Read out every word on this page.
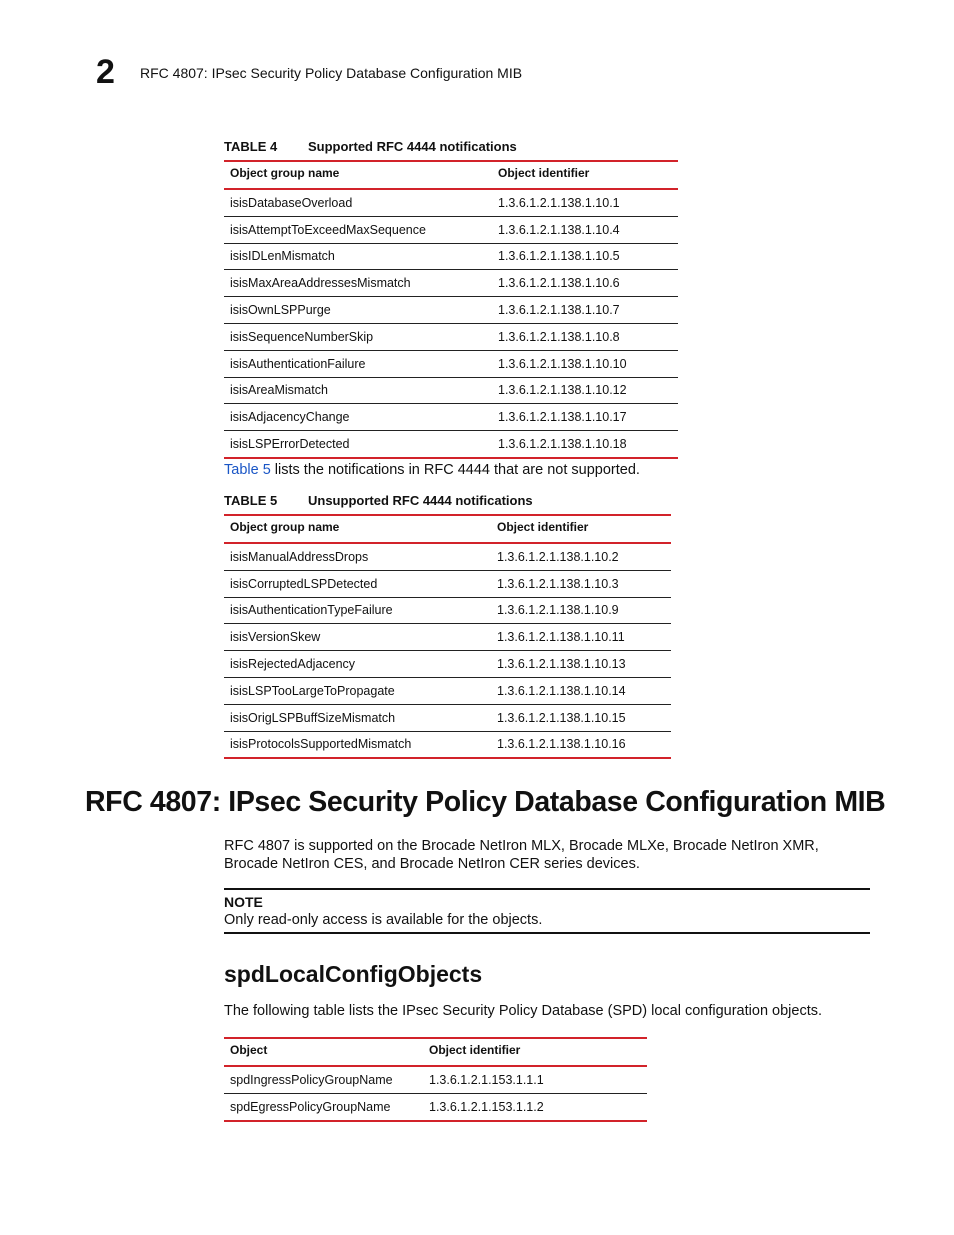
2 RFC 4807: IPsec Security Policy Database Configuration MIB
TABLE 4 Supported RFC 4444 notifications
Object group name	Object identifier
isisDatabaseOverload	1.3.6.1.2.1.138.1.10.1
isisAttemptToExceedMaxSequence	1.3.6.1.2.1.138.1.10.4
isisIDLenMismatch	1.3.6.1.2.1.138.1.10.5
isisMaxAreaAddressesMismatch	1.3.6.1.2.1.138.1.10.6
isisOwnLSPPurge	1.3.6.1.2.1.138.1.10.7
isisSequenceNumberSkip	1.3.6.1.2.1.138.1.10.8
isisAuthenticationFailure	1.3.6.1.2.1.138.1.10.10
isisAreaMismatch	1.3.6.1.2.1.138.1.10.12
isisAdjacencyChange	1.3.6.1.2.1.138.1.10.17
isisLSPErrorDetected	1.3.6.1.2.1.138.1.10.18
Table 5 lists the notifications in RFC 4444 that are not supported.
TABLE 5 Unsupported RFC 4444 notifications
Object group name	Object identifier
isisManualAddressDrops	1.3.6.1.2.1.138.1.10.2
isisCorruptedLSPDetected	1.3.6.1.2.1.138.1.10.3
isisAuthenticationTypeFailure	1.3.6.1.2.1.138.1.10.9
isisVersionSkew	1.3.6.1.2.1.138.1.10.11
isisRejectedAdjacency	1.3.6.1.2.1.138.1.10.13
isisLSPTooLargeToPropagate	1.3.6.1.2.1.138.1.10.14
isisOrigLSPBuffSizeMismatch	1.3.6.1.2.1.138.1.10.15
isisProtocolsSupportedMismatch	1.3.6.1.2.1.138.1.10.16
RFC 4807: IPsec Security Policy Database Configuration MIB
RFC 4807 is supported on the Brocade NetIron MLX, Brocade MLXe, Brocade NetIron XMR,
Brocade NetIron CES, and Brocade NetIron CER series devices.
NOTE
Only read-only access is available for the objects.
spdLocalConfigObjects
The following table lists the IPsec Security Policy Database (SPD) local configuration objects.
Object	Object identifier
spdIngressPolicyGroupName	1.3.6.1.2.1.153.1.1.1
spdEgressPolicyGroupName	1.3.6.1.2.1.153.1.1.2
